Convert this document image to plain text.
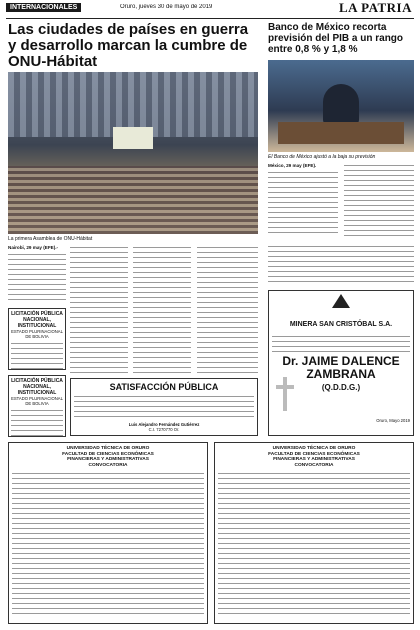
INTERNACIONALES	Oruro, jueves 30 de mayo de 2019	LA PATRIA
Las ciudades de países en guerra y desarrollo marcan la cumbre de ONU-Hábitat
La primera Asamblea de ONU-Hábitat
Nairobi, 29 may (EFE).-
LICITACIÓN PÚBLICA NACIONAL, INSTITUCIONAL
ESTADO PLURINACIONAL DE BOLIVIA
LICITACIÓN PÚBLICA NACIONAL, INSTITUCIONAL
ESTADO PLURINACIONAL DE BOLIVIA
SATISFACCIÓN PÚBLICA
Luis Alejandro Fernández Gutiérrez
C.I. 7270770 Or.
Banco de México recorta previsión del PIB a un rango entre 0,8 % y 1,8 %
El Banco de México ajustó a la baja su previsión
México, 29 may (EFE).

MINERA SAN CRISTÓBAL S.A.
Dr. JAIME DALENCE ZAMBRANA
(Q.D.D.G.)
Oruro, Mayo 2019
UNIVERSIDAD TÉCNICA DE ORURO
FACULTAD DE CIENCIAS ECONÓMICAS
FINANCIERAS Y ADMINISTRATIVAS
CONVOCATORIA
UNIVERSIDAD TÉCNICA DE ORURO
FACULTAD DE CIENCIAS ECONÓMICAS
FINANCIERAS Y ADMINISTRATIVAS
CONVOCATORIA
